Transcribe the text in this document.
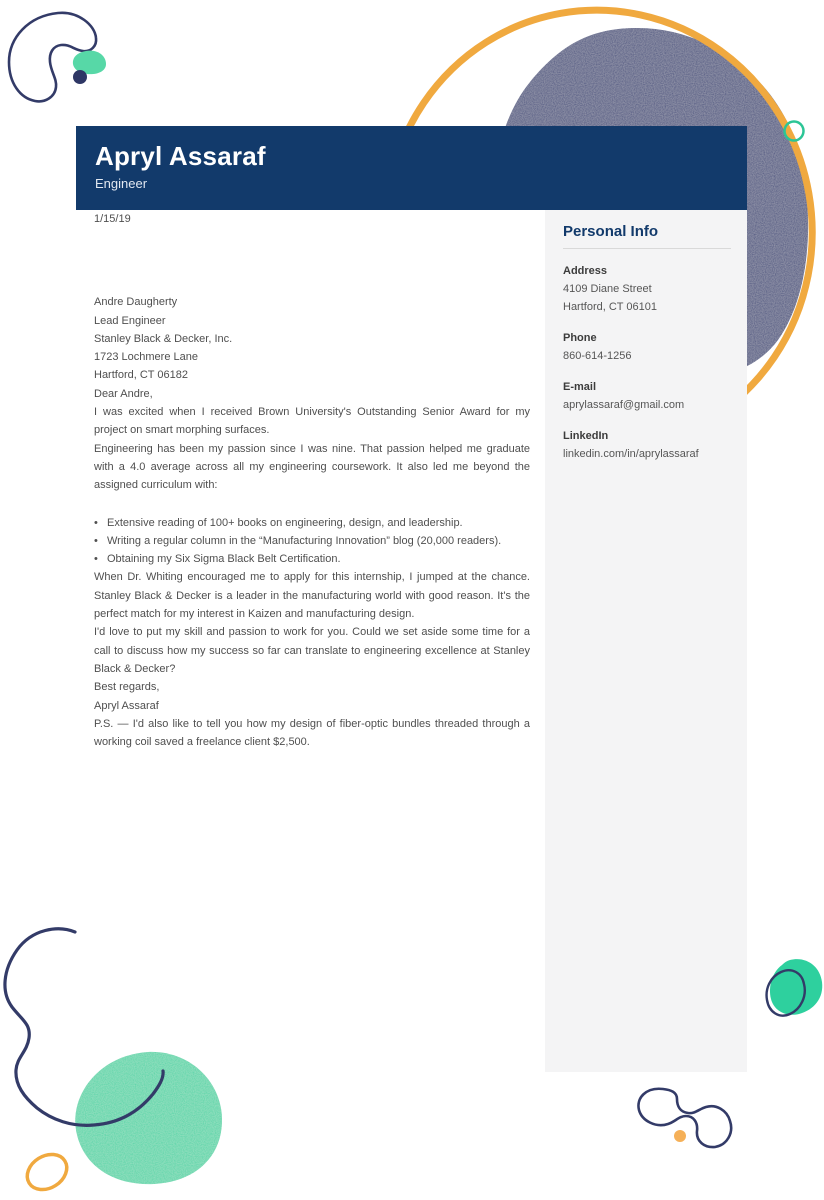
Apryl Assaraf
Engineer
Personal Info
Address
4109 Diane Street
Hartford, CT 06101
Phone
860-614-1256
E-mail
aprylassaraf@gmail.com
LinkedIn
linkedin.com/in/aprylassaraf

1/15/19

Andre Daugherty
Lead Engineer
Stanley Black & Decker, Inc.
1723 Lochmere Lane
Hartford, CT 06182

Dear Andre,

I was excited when I received Brown University's Outstanding Senior Award for my project on smart morphing surfaces.

Engineering has been my passion since I was nine. That passion helped me graduate with a 4.0 average across all my engineering coursework. It also led me beyond the assigned curriculum with:

•
Extensive reading of 100+ books on engineering, design, and leadership.
•
Writing a regular column in the “Manufacturing Innovation” blog (20,000 readers).
•
Obtaining my Six Sigma Black Belt Certification.

When Dr. Whiting encouraged me to apply for this internship, I jumped at the chance. Stanley Black & Decker is a leader in the manufacturing world with good reason. It's the perfect match for my interest in Kaizen and manufacturing design.

I'd love to put my skill and passion to work for you. Could we set aside some time for a call to discuss how my success so far can translate to engineering excellence at Stanley Black & Decker?

Best regards,

Apryl Assaraf

P.S. — I'd also like to tell you how my design of fiber-optic bundles threaded through a working coil saved a freelance client $2,500.
